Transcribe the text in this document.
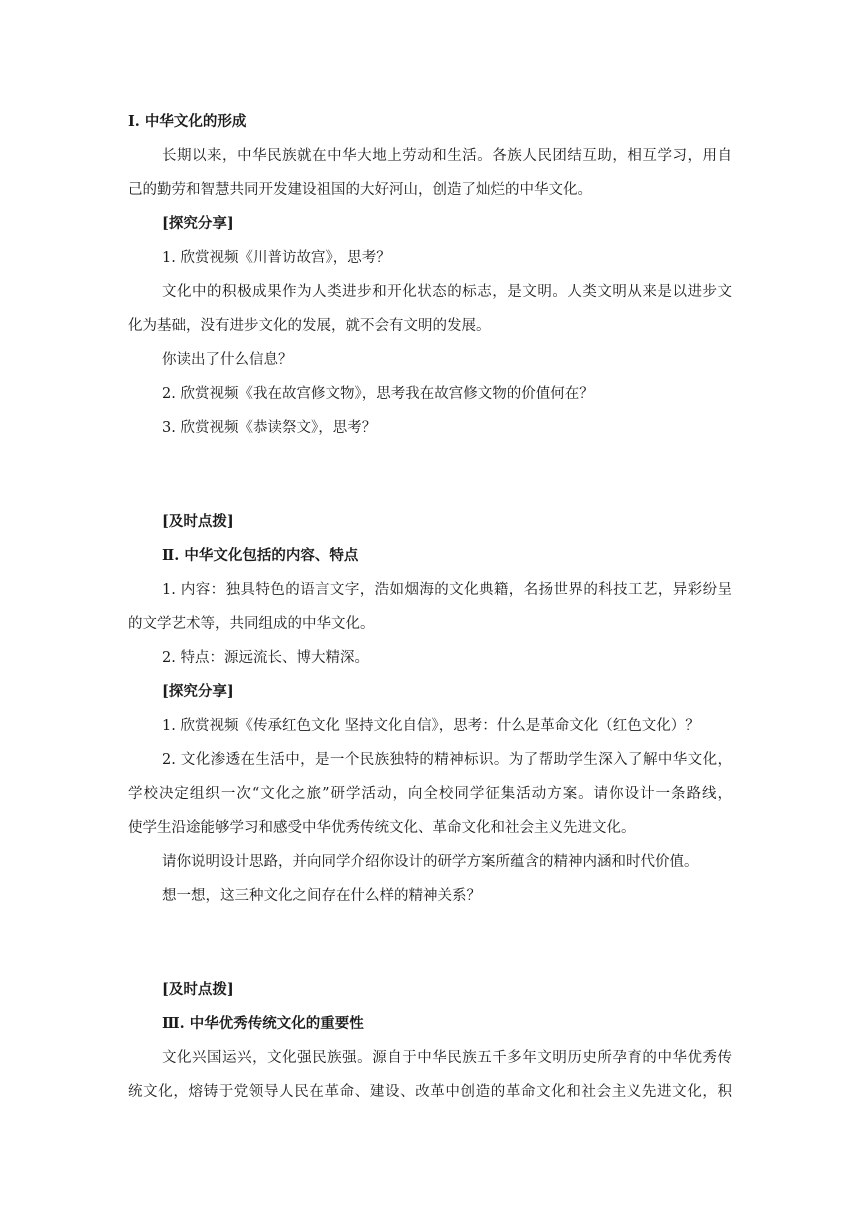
Ⅰ. 中华文化的形成
长期以来，中华民族就在中华大地上劳动和生活。各族人民团结互助，相互学习，用自
己的勤劳和智慧共同开发建设祖国的大好河山，创造了灿烂的中华文化。
[探究分享]
1. 欣赏视频《川普访故宫》，思考？
文化中的积极成果作为人类进步和开化状态的标志，是文明。人类文明从来是以进步文
化为基础，没有进步文化的发展，就不会有文明的发展。
你读出了什么信息？
2. 欣赏视频《我在故宫修文物》，思考我在故宫修文物的价值何在？
3. 欣赏视频《恭读祭文》，思考？
[及时点拨]
Ⅱ. 中华文化包括的内容、特点
1. 内容：独具特色的语言文字，浩如烟海的文化典籍，名扬世界的科技工艺，异彩纷呈
的文学艺术等，共同组成的中华文化。
2. 特点：源远流长、博大精深。
[探究分享]
1. 欣赏视频《传承红色文化 坚持文化自信》，思考：什么是革命文化（红色文化）？
2. 文化渗透在生活中，是一个民族独特的精神标识。为了帮助学生深入了解中华文化，
学校决定组织一次“文化之旅”研学活动，向全校同学征集活动方案。请你设计一条路线，
使学生沿途能够学习和感受中华优秀传统文化、革命文化和社会主义先进文化。
请你说明设计思路，并向同学介绍你设计的研学方案所蕴含的精神内涵和时代价值。
想一想，这三种文化之间存在什么样的精神关系？
[及时点拨]
Ⅲ. 中华优秀传统文化的重要性
文化兴国运兴，文化强民族强。源自于中华民族五千多年文明历史所孕育的中华优秀传
统文化，熔铸于党领导人民在革命、建设、改革中创造的革命文化和社会主义先进文化，积
